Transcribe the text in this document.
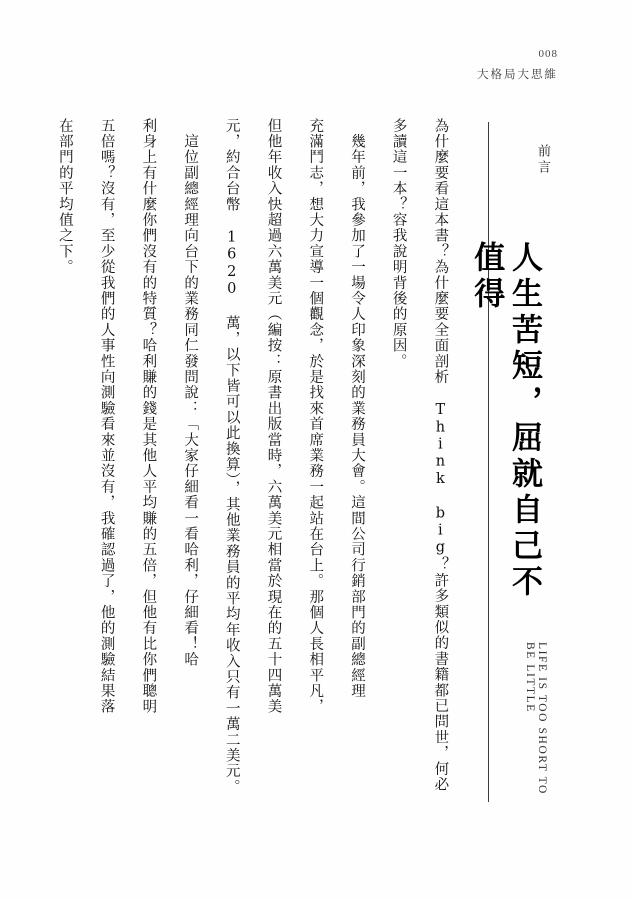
008
大格局大思維
前言
人生苦短，屈就自己不值得
LIFE IS TOO SHORT TO BE LITTLE
為什麼要看這本書？為什麼要全面剖析 Think big？許多類似的書籍都已問世，何必
多讀這一本？容我說明背後的原因。
　幾年前，我參加了一場令人印象深刻的業務員大會。這間公司行銷部門的副總經理
充滿鬥志，想大力宣導一個觀念，於是找來首席業務一起站在台上。那個人長相平凡，
但他年收入快超過六萬美元（編按：原書出版當時，六萬美元相當於現在的五十四萬美
元，約合台幣 1620 萬，以下皆可以此換算），其他業務員的平均年收入只有一萬二美元。
　這位副總經理向台下的業務同仁發問說：「大家仔細看一看哈利，仔細看！哈
利身上有什麼你們沒有的特質？哈利賺的錢是其他人平均賺的五倍，但他有比你們聰明
五倍嗎？沒有，至少從我們的人事性向測驗看來並沒有，我確認過了，他的測驗結果落
在部門的平均值之下。
